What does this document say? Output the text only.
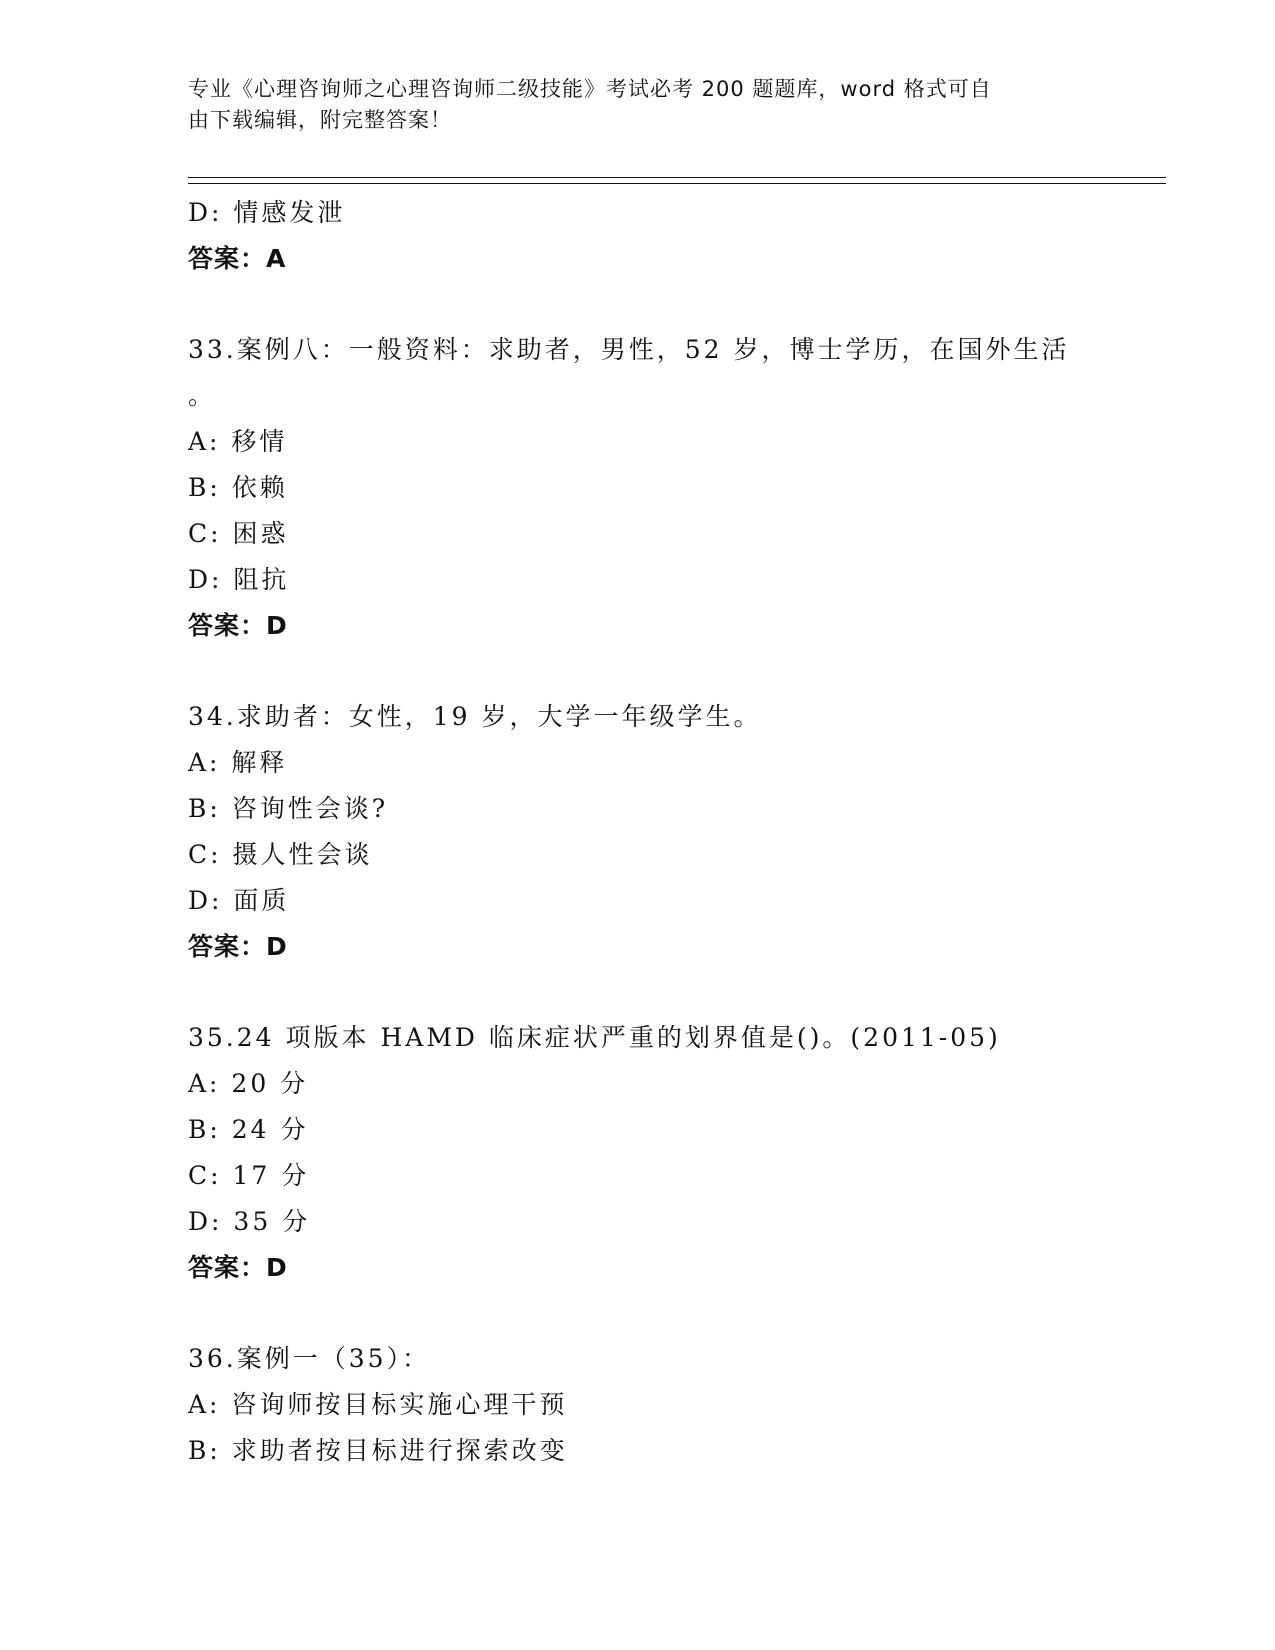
专业《心理咨询师之心理咨询师二级技能》考试必考 200 题题库，word 格式可自
由下载编辑，附完整答案！
D: 情感发泄
答案：A
33.案例八：一般资料：求助者，男性，52 岁，博士学历，在国外生活
。
A: 移情
B: 依赖
C: 困惑
D: 阻抗
答案：D
34.求助者：女性，19 岁，大学一年级学生。
A: 解释
B: 咨询性会谈?
C: 摄人性会谈
D: 面质
答案：D
35.24 项版本 HAMD 临床症状严重的划界值是()。(2011-05)
A: 20 分
B: 24 分
C: 17 分
D: 35 分
答案：D
36.案例一（35）：
A: 咨询师按目标实施心理干预
B: 求助者按目标进行探索改变
